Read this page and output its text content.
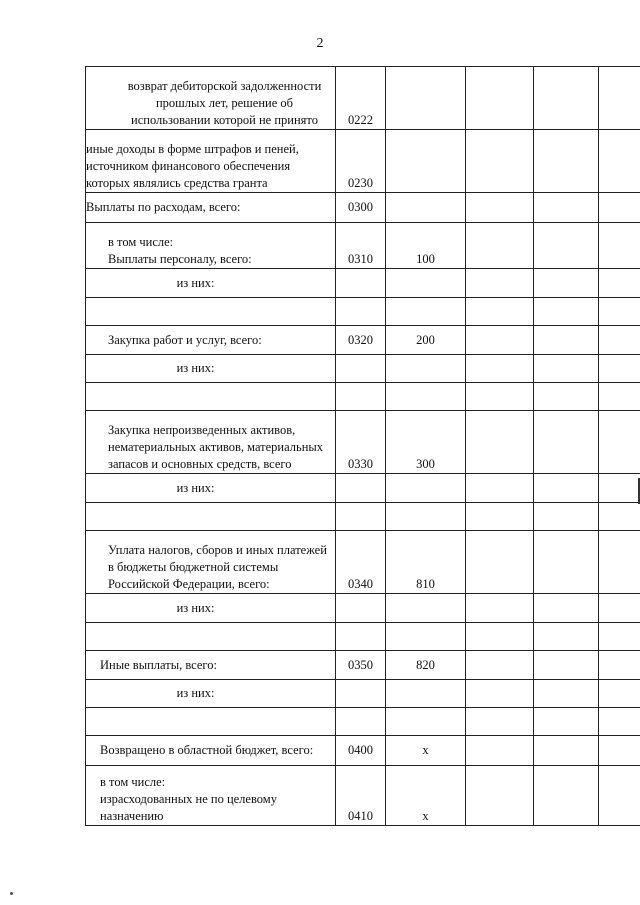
2
возврат дебиторской задолженности прошлых лет, решение об использовании которой не принято	0222				
иные доходы в форме штрафов и пеней, источником финансового обеспечения которых являлись средства гранта	0230				
Выплаты по расходам, всего:	0300				

в том числе:
Выплаты персоналу, всего:	0310	100			
из них:					

Закупка работ и услуг, всего:	0320	200			
из них:					

Закупка непроизведенных активов, нематериальных активов, материальных запасов и основных средств, всего	0330	300			
из них:					

Уплата налогов, сборов и иных платежей в бюджеты бюджетной системы Российской Федерации, всего:	0340	810			
из них:					

Иные выплаты, всего:	0350	820			
из них:					

Возвращено в областной бюджет, всего:	0400	x			

в том числе:
израсходованных не по целевому назначению	0410	x			
